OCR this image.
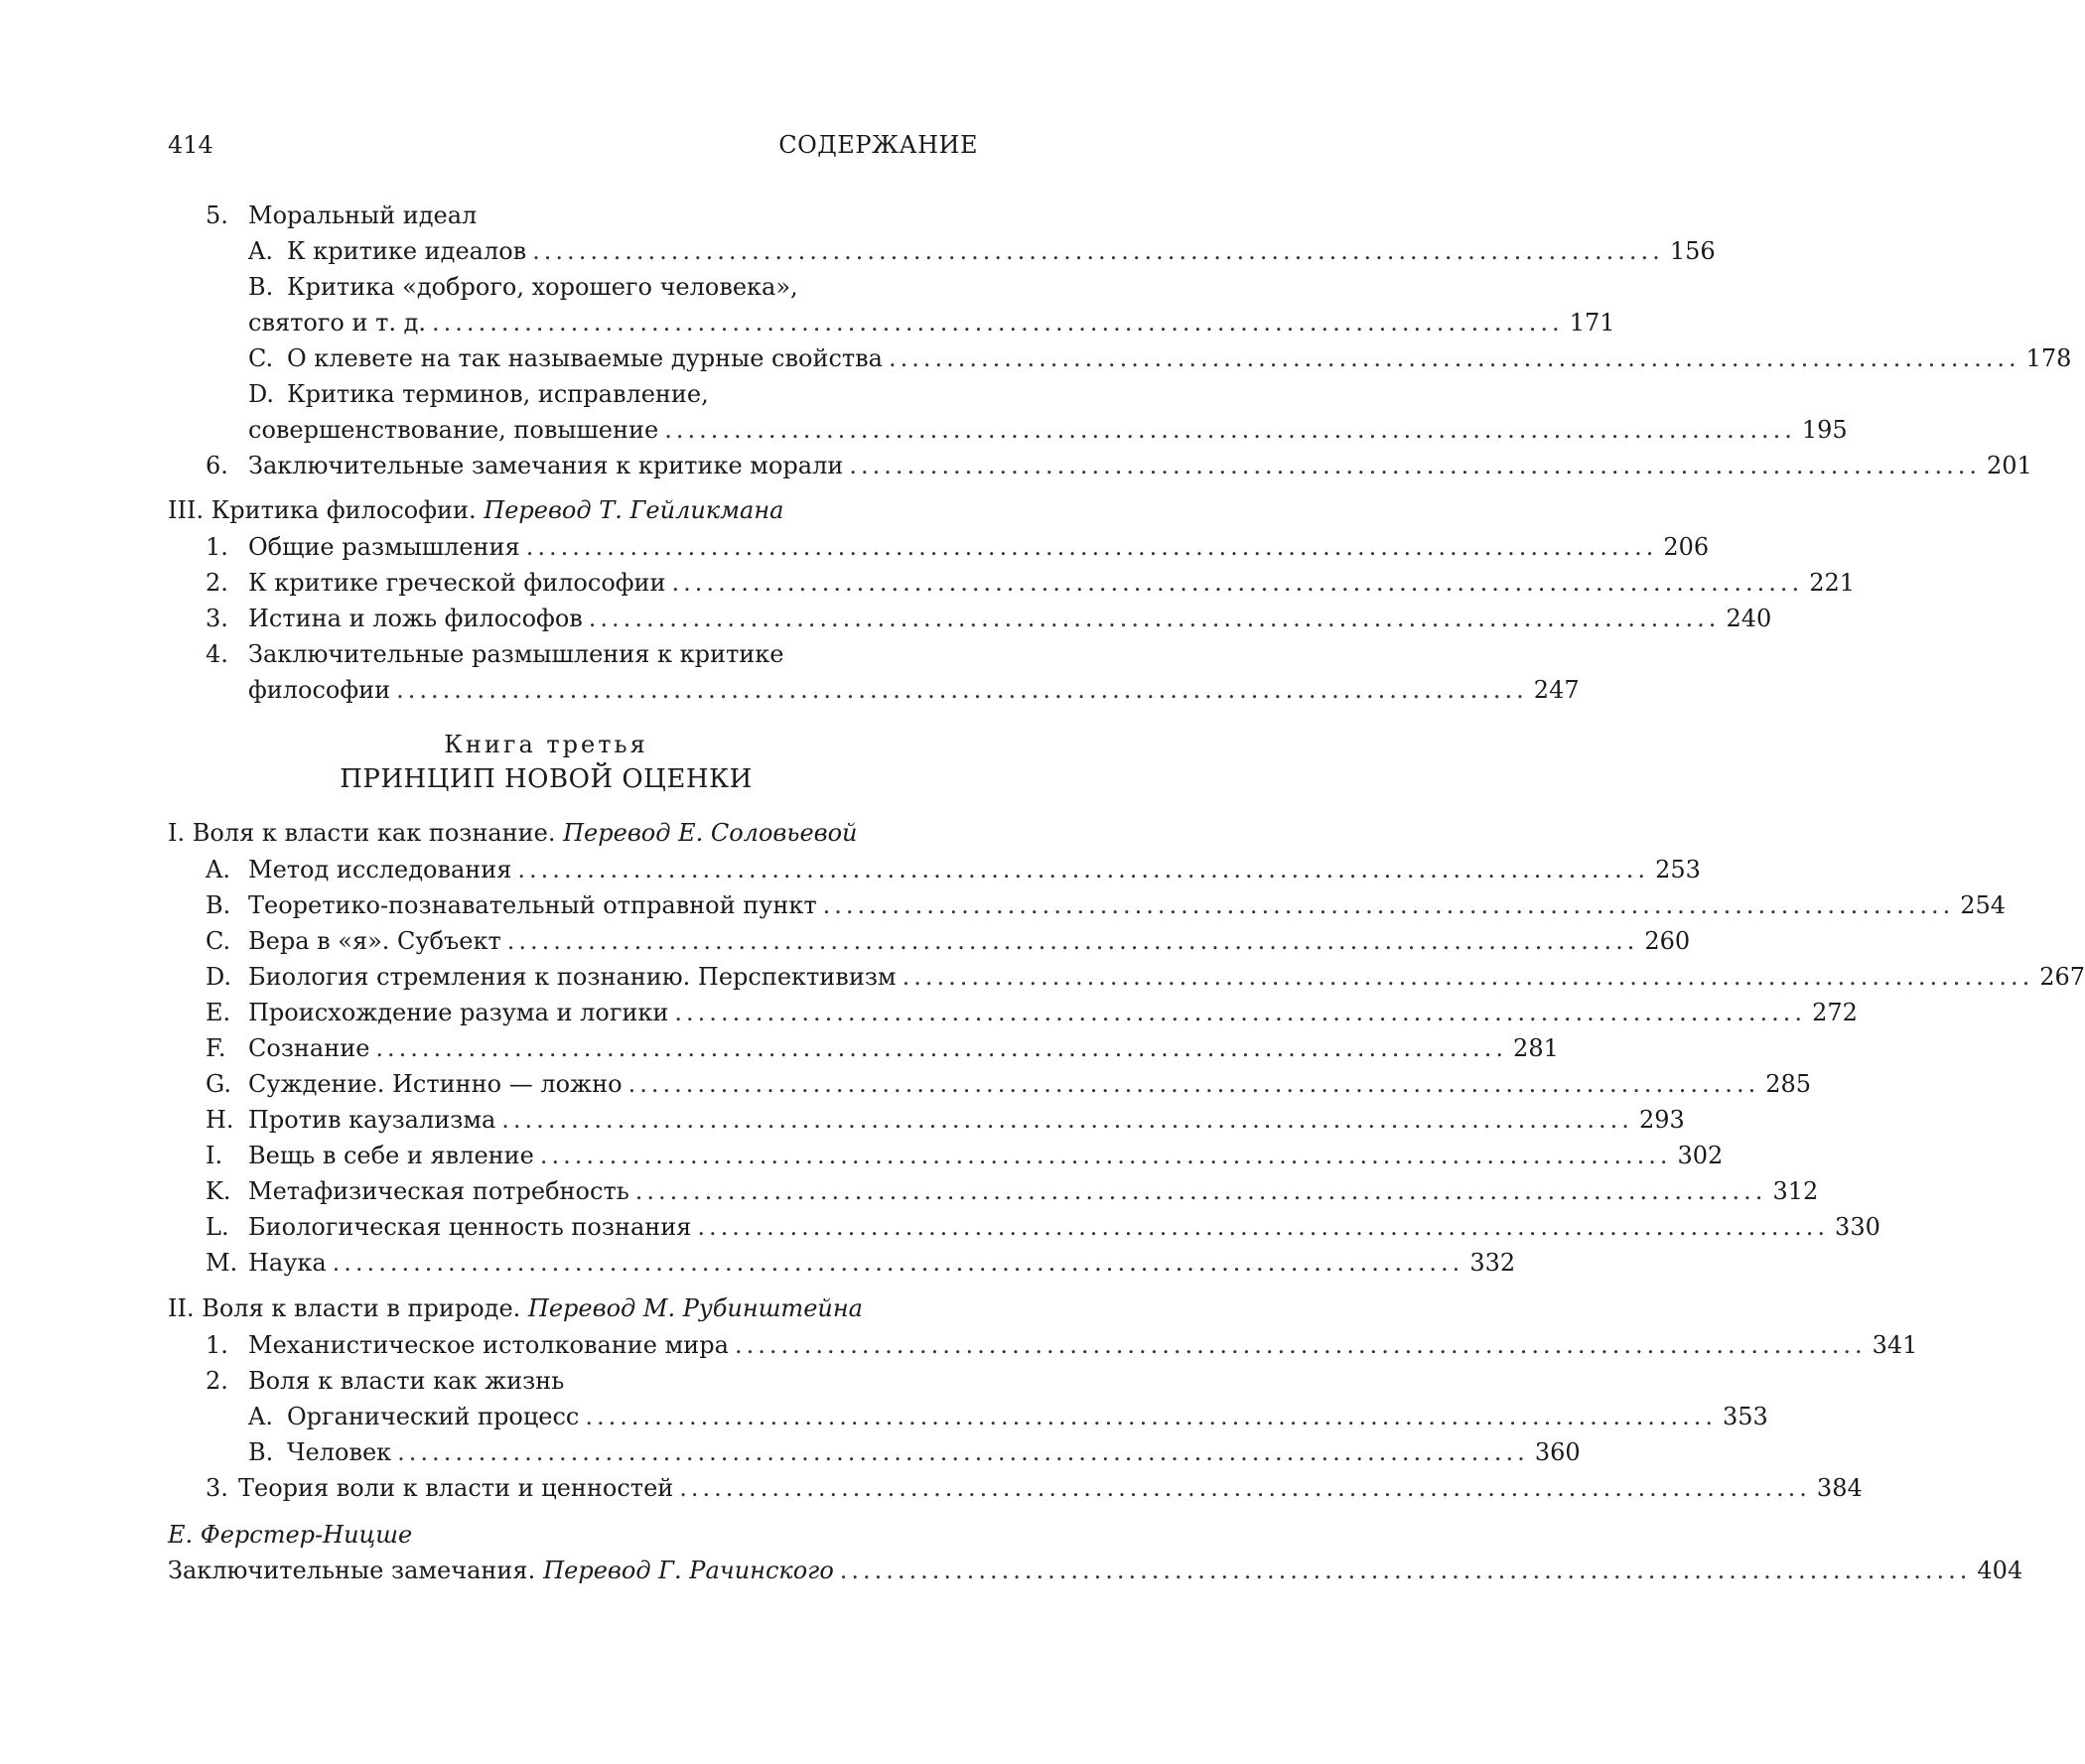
414	СОДЕРЖАНИЕ
5. Моральный идеал
A. К критике идеалов .................................................................................................. 156
B. Критика «доброго, хорошего человека»,
святого и т. д. .................................................................................................. 171
C. О клевете на так называемые дурные свойства .................................................................................................. 178
D. Критика терминов, исправление,
совершенствование, повышение .................................................................................................. 195
6. Заключительные замечания к критике морали .................................................................................................. 201
III. Критика философии. Перевод Т. Гейликмана
1. Общие размышления .................................................................................................. 206
2. К критике греческой философии .................................................................................................. 221
3. Истина и ложь философов .................................................................................................. 240
4. Заключительные размышления к критике
философии .................................................................................................. 247
Книга третья
ПРИНЦИП НОВОЙ ОЦЕНКИ
I. Воля к власти как познание. Перевод Е. Соловьевой
A. Метод исследования .................................................................................................. 253
B. Теоретико-познавательный отправной пункт .................................................................................................. 254
C. Вера в «я». Субъект .................................................................................................. 260
D. Биология стремления к познанию. Перспективизм .................................................................................................. 267
E. Происхождение разума и логики .................................................................................................. 272
F. Сознание .................................................................................................. 281
G. Суждение. Истинно — ложно .................................................................................................. 285
H. Против каузализма .................................................................................................. 293
I. Вещь в себе и явление .................................................................................................. 302
K. Метафизическая потребность .................................................................................................. 312
L. Биологическая ценность познания .................................................................................................. 330
M. Наука .................................................................................................. 332
II. Воля к власти в природе. Перевод М. Рубинштейна
1. Механистическое истолкование мира .................................................................................................. 341
2. Воля к власти как жизнь
A. Органический процесс .................................................................................................. 353
B. Человек .................................................................................................. 360
3. Теория воли к власти и ценностей .................................................................................................. 384
Е. Ферстер-Ницше
Заключительные замечания. Перевод Г. Рачинского .................................................................................................. 404
